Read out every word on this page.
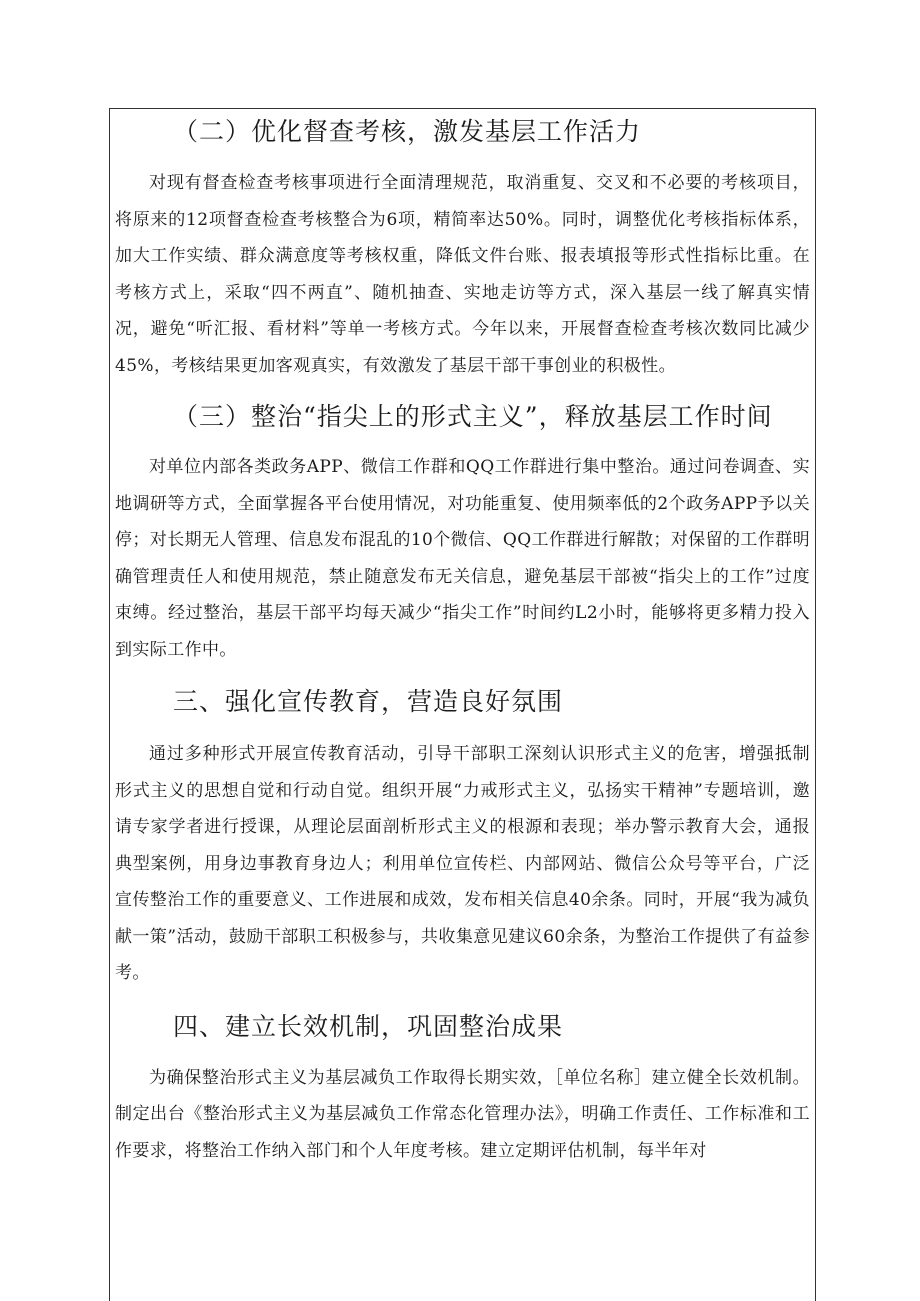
（二）优化督查考核，激发基层工作活力

对现有督查检查考核事项进行全面清理规范，取消重复、交叉和不必要的考核项目，将原来的12项督查检查考核整合为6项，精简率达50%。同时，调整优化考核指标体系，加大工作实绩、群众满意度等考核权重，降低文件台账、报表填报等形式性指标比重。在考核方式上，采取“四不两直”、随机抽查、实地走访等方式，深入基层一线了解真实情况，避免“听汇报、看材料”等单一考核方式。今年以来，开展督查检查考核次数同比减少45%，考核结果更加客观真实，有效激发了基层干部干事创业的积极性。

（三）整治“指尖上的形式主义”，释放基层工作时间

对单位内部各类政务APP、微信工作群和QQ工作群进行集中整治。通过问卷调查、实地调研等方式，全面掌握各平台使用情况，对功能重复、使用频率低的2个政务APP予以关停；对长期无人管理、信息发布混乱的10个微信、QQ工作群进行解散；对保留的工作群明确管理责任人和使用规范，禁止随意发布无关信息，避免基层干部被“指尖上的工作”过度束缚。经过整治，基层干部平均每天减少“指尖工作”时间约L2小时，能够将更多精力投入到实际工作中。

三、强化宣传教育，营造良好氛围

通过多种形式开展宣传教育活动，引导干部职工深刻认识形式主义的危害，增强抵制形式主义的思想自觉和行动自觉。组织开展“力戒形式主义，弘扬实干精神”专题培训，邀请专家学者进行授课，从理论层面剖析形式主义的根源和表现；举办警示教育大会，通报典型案例，用身边事教育身边人；利用单位宣传栏、内部网站、微信公众号等平台，广泛宣传整治工作的重要意义、工作进展和成效，发布相关信息40余条。同时，开展“我为减负献一策”活动，鼓励干部职工积极参与，共收集意见建议60余条，为整治工作提供了有益参考。

四、建立长效机制，巩固整治成果

为确保整治形式主义为基层减负工作取得长期实效，［单位名称］建立健全长效机制。制定出台《整治形式主义为基层减负工作常态化管理办法》，明确工作责任、工作标准和工作要求，将整治工作纳入部门和个人年度考核。建立定期评估机制，每半年对
